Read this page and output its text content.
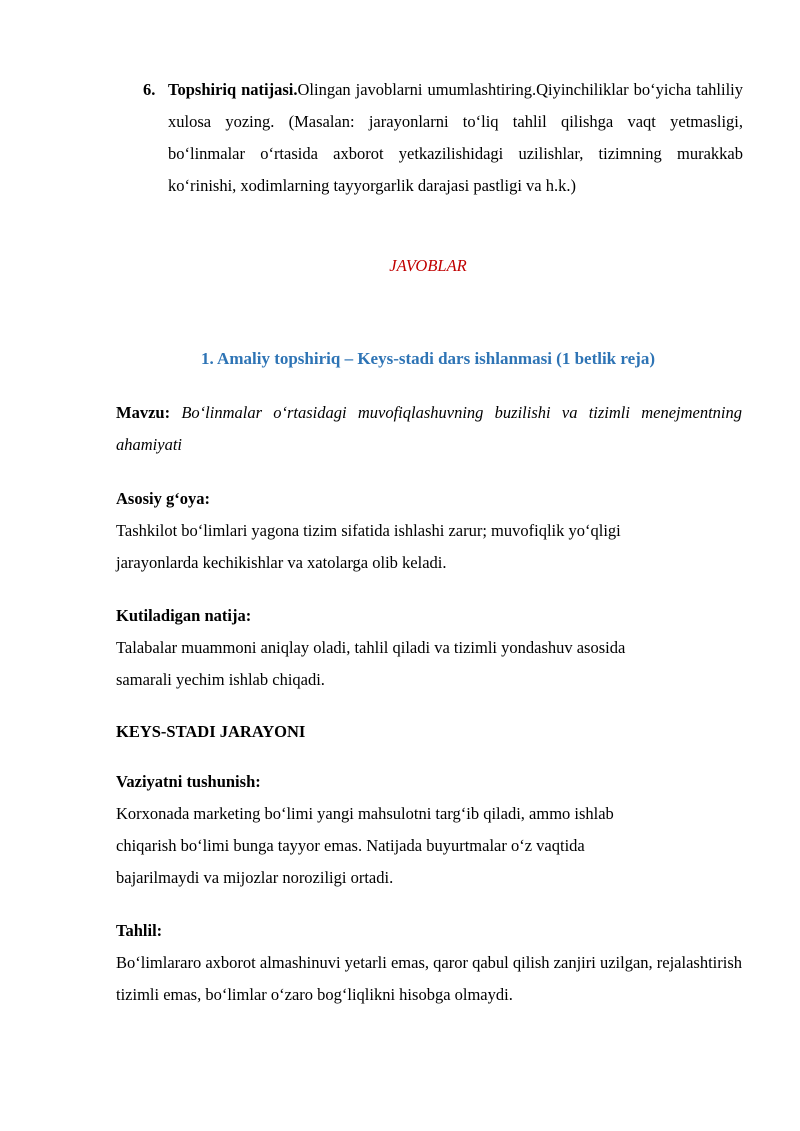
6. Topshiriq natijasi.Olingan javoblarni umumlashtiring.Qiyinchiliklar bo‘yicha tahliliy xulosa yozing. (Masalan: jarayonlarni to‘liq tahlil qilishga vaqt yetmasligi, bo‘linmalar o‘rtasida axborot yetkazilishidagi uzilishlar, tizimning murakkab ko‘rinishi, xodimlarning tayyorgarlik darajasi pastligi va h.k.)
JAVOBLAR
1. Amaliy topshiriq – Keys-stadi dars ishlanmasi (1 betlik reja)
Mavzu: Bo‘linmalar o‘rtasidagi muvofiqlashuvning buzilishi va tizimli menejmentning ahamiyati
Asosiy g‘oya:
Tashkilot bo‘limlari yagona tizim sifatida ishlashi zarur; muvofiqlik yo‘qligi
jarayonlarda kechikishlar va xatolarga olib keladi.
Kutiladigan natija:
Talabalar muammoni aniqlay oladi, tahlil qiladi va tizimli yondashuv asosida
samarali yechim ishlab chiqadi.
KEYS-STADI JARAYONI
Vaziyatni tushunish:
Korxonada marketing bo‘limi yangi mahsulotni targ‘ib qiladi, ammo ishlab
chiqarish bo‘limi bunga tayyor emas. Natijada buyurtmalar o‘z vaqtida
bajarilmaydi va mijozlar noroziligi ortadi.
Tahlil:
Bo‘limlararo axborot almashinuvi yetarli emas, qaror qabul qilish zanjiri uzilgan, rejalashtirish tizimli emas, bo‘limlar o‘zaro bog‘liqlikni hisobga olmaydi.
